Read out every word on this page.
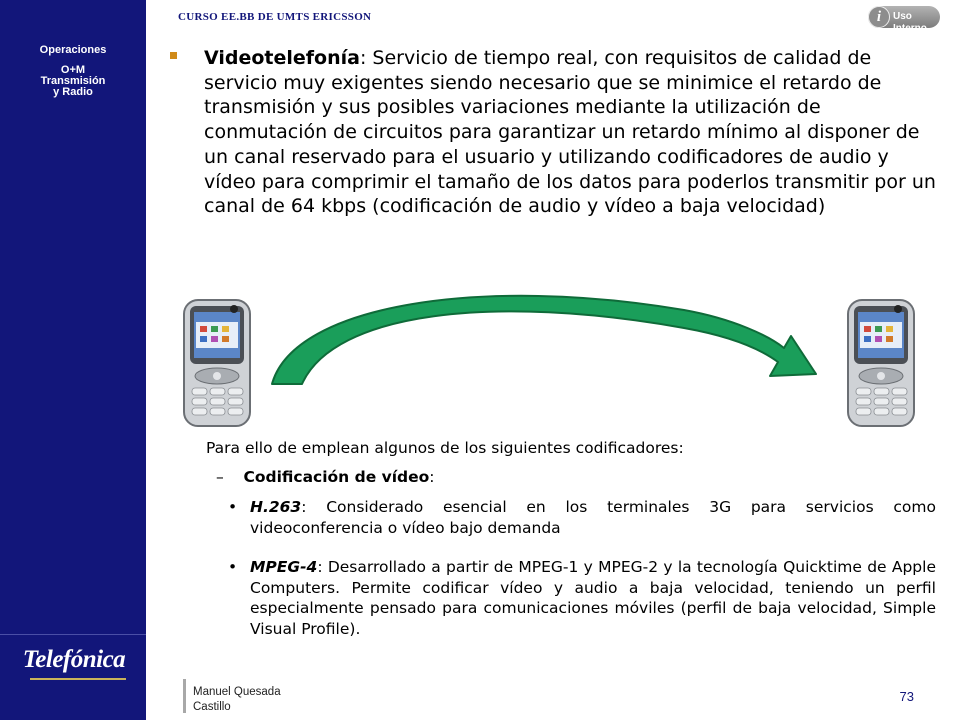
Operaciones
O+M
Transmisión
y Radio
Telefónica
CURSO EE.BB DE UMTS ERICSSON	i	Uso Interno
Videotelefonía: Servicio de tiempo real, con requisitos de calidad de servicio muy exigentes siendo necesario que se minimice el retardo de transmisión y sus posibles variaciones mediante la utilización de conmutación de circuitos para garantizar un retardo mínimo al disponer de un canal reservado para el usuario y utilizando codificadores de audio y vídeo para comprimir el tamaño de los datos para poderlos transmitir por un canal de 64 kbps (codificación de audio y vídeo a baja velocidad)
Para ello de emplean algunos de los siguientes codificadores:
– Codificación de vídeo:
• H.263: Considerado esencial en los terminales 3G para servicios como videoconferencia o vídeo bajo demanda
• MPEG-4: Desarrollado a partir de MPEG-1 y MPEG-2 y la tecnología Quicktime de Apple Computers. Permite codificar vídeo y audio a baja velocidad, teniendo un perfil especialmente pensado para comunicaciones móviles (perfil de baja velocidad, Simple Visual Profile).
Manuel Quesada
Castillo
73
